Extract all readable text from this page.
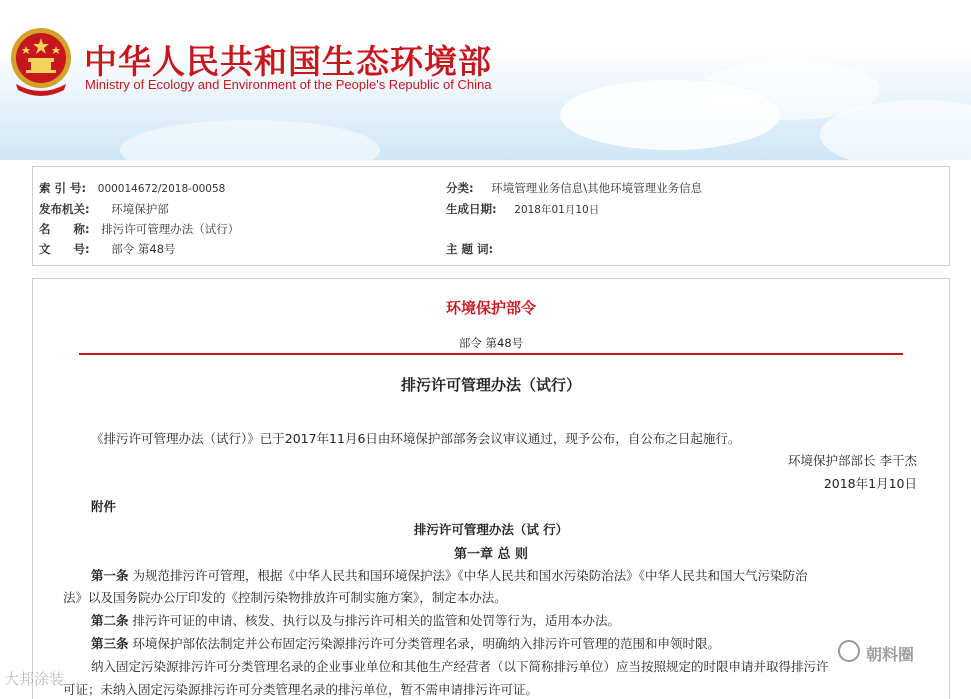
中华人民共和国生态环境部
Ministry of Ecology and Environment of the People's Republic of China
索 引 号: 000014672/2018-00058	分类: 环境管理业务信息\其他环境管理业务信息
发布机关: 环境保护部	生成日期: 2018年01月10日
名　　称: 排污许可管理办法（试行）
文　　号: 部令 第48号	主 题 词:
环境保护部令
部令 第48号
排污许可管理办法（试行）
《排污许可管理办法（试行）》已于2017年11月6日由环境保护部部务会议审议通过，现予公布，自公布之日起施行。
环境保护部部长 李干杰
2018年1月10日
附件
排污许可管理办法（试 行）
第一章 总 则
第一条 为规范排污许可管理，根据《中华人民共和国环境保护法》《中华人民共和国水污染防治法》《中华人民共和国大气污染防治
法》以及国务院办公厅印发的《控制污染物排放许可制实施方案》，制定本办法。
第二条 排污许可证的申请、核发、执行以及与排污许可相关的监管和处罚等行为，适用本办法。
第三条 环境保护部依法制定并公布固定污染源排污许可分类管理名录，明确纳入排污许可管理的范围和申领时限。
纳入固定污染源排污许可分类管理名录的企业事业单位和其他生产经营者（以下简称排污单位）应当按照规定的时限申请并取得排污许
可证；未纳入固定污染源排污许可分类管理名录的排污单位，暂不需申请排污许可证。
朝料圈
大邦涂装
